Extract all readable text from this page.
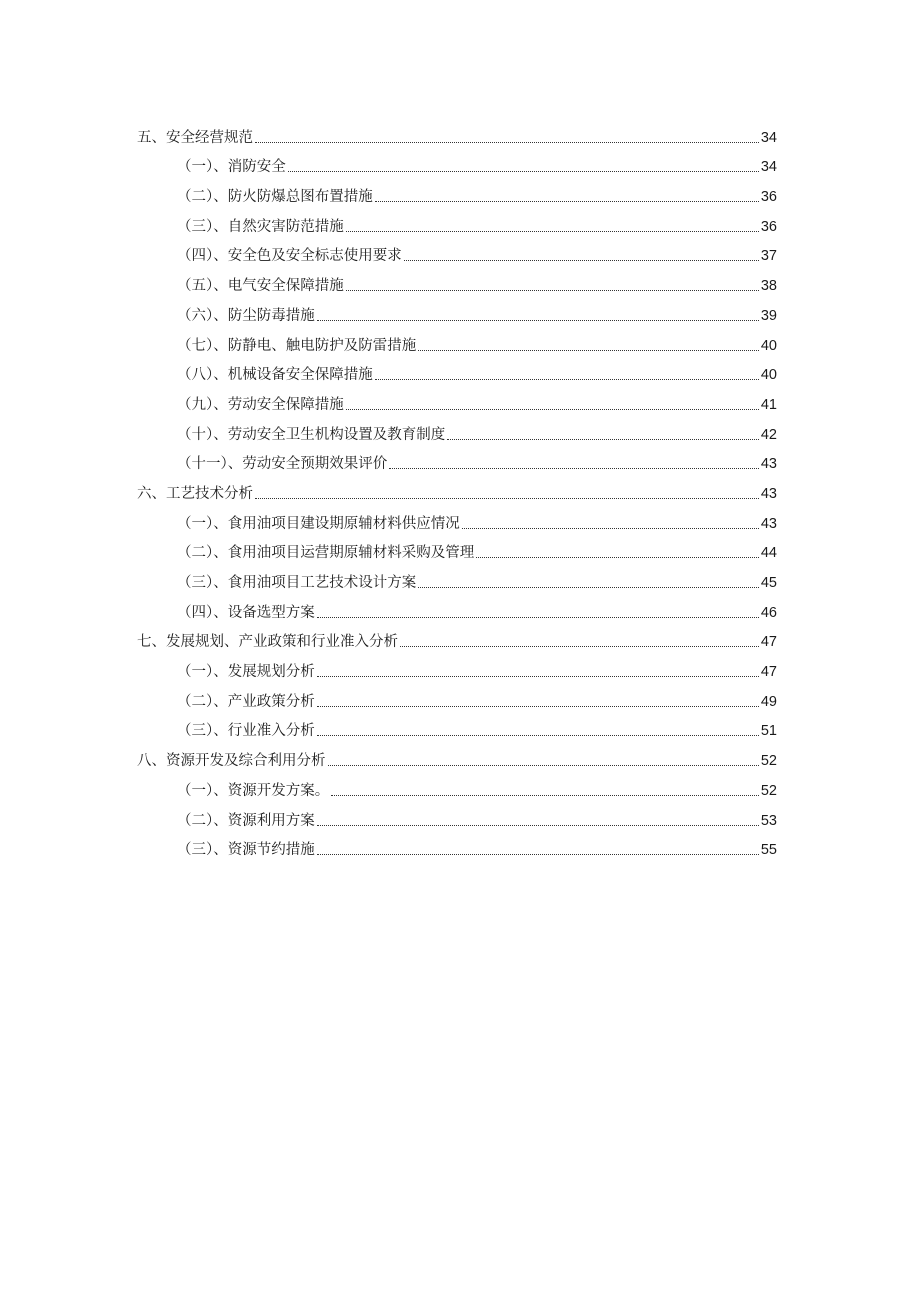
五、安全经营规范	34
（一）、消防安全	34
（二）、防火防爆总图布置措施	36
（三）、自然灾害防范措施	36
（四）、安全色及安全标志使用要求	37
（五）、电气安全保障措施	38
（六）、防尘防毒措施	39
（七）、防静电、触电防护及防雷措施	40
（八）、机械设备安全保障措施	40
（九）、劳动安全保障措施	41
（十）、劳动安全卫生机构设置及教育制度	42
（十一）、劳动安全预期效果评价	43
六、工艺技术分析	43
（一）、食用油项目建设期原辅材料供应情况	43
（二）、食用油项目运营期原辅材料采购及管理	44
（三）、食用油项目工艺技术设计方案	45
（四）、设备选型方案	46
七、发展规划、产业政策和行业准入分析	47
（一）、发展规划分析	47
（二）、产业政策分析	49
（三）、行业准入分析	51
八、资源开发及综合利用分析	52
（一）、资源开发方案。	52
（二）、资源利用方案	53
（三）、资源节约措施	55
